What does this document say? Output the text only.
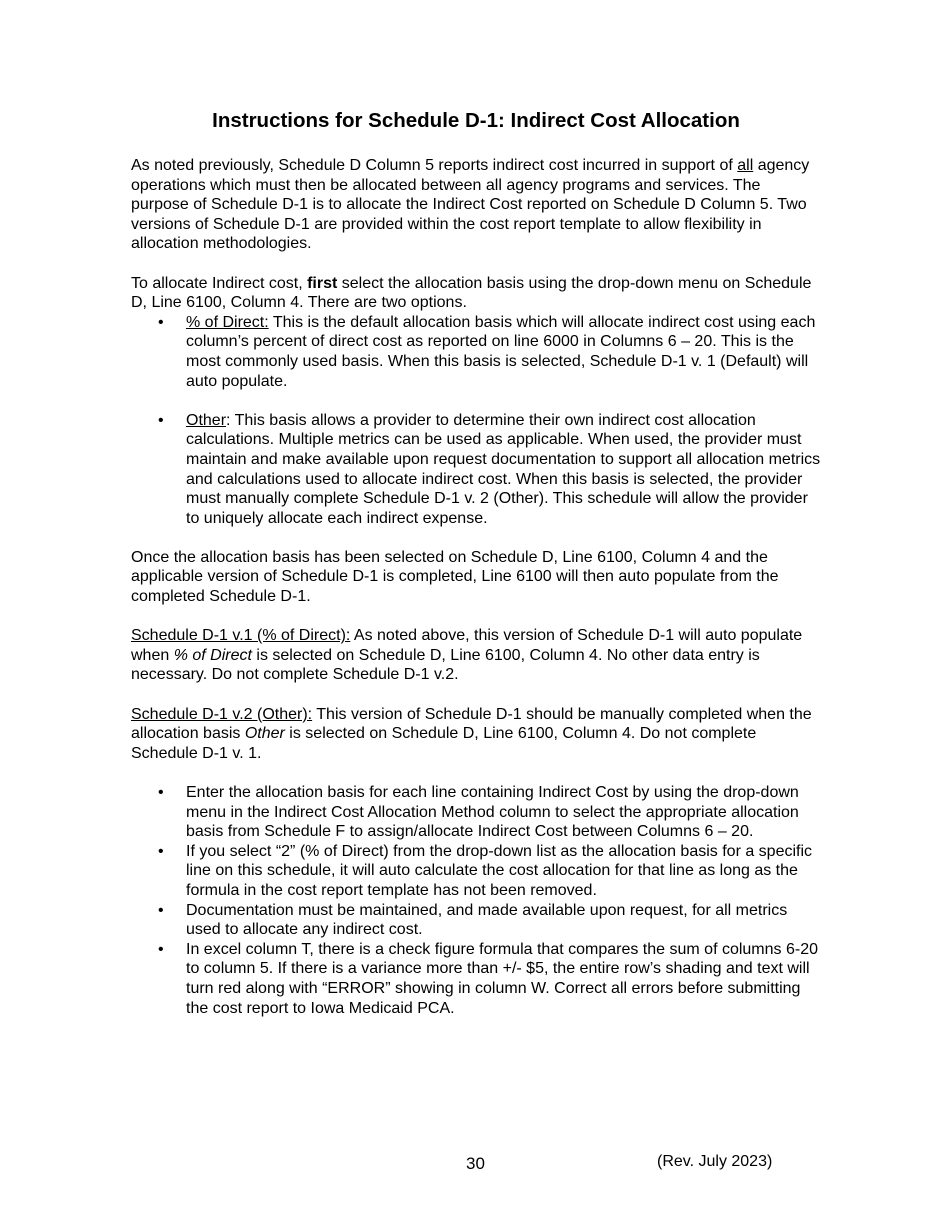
Instructions for Schedule D-1: Indirect Cost Allocation

As noted previously, Schedule D Column 5 reports indirect cost incurred in support of all agency operations which must then be allocated between all agency programs and services. The purpose of Schedule D-1 is to allocate the Indirect Cost reported on Schedule D Column 5. Two versions of Schedule D-1 are provided within the cost report template to allow flexibility in allocation methodologies.

To allocate Indirect cost, first select the allocation basis using the drop-down menu on Schedule D, Line 6100, Column 4. There are two options.

• % of Direct: This is the default allocation basis which will allocate indirect cost using each column’s percent of direct cost as reported on line 6000 in Columns 6 – 20. This is the most commonly used basis. When this basis is selected, Schedule D-1 v. 1 (Default) will auto populate.
• Other: This basis allows a provider to determine their own indirect cost allocation calculations. Multiple metrics can be used as applicable. When used, the provider must maintain and make available upon request documentation to support all allocation metrics and calculations used to allocate indirect cost. When this basis is selected, the provider must manually complete Schedule D-1 v. 2 (Other). This schedule will allow the provider to uniquely allocate each indirect expense.

Once the allocation basis has been selected on Schedule D, Line 6100, Column 4 and the applicable version of Schedule D-1 is completed, Line 6100 will then auto populate from the completed Schedule D-1.

Schedule D-1 v.1 (% of Direct): As noted above, this version of Schedule D-1 will auto populate when % of Direct is selected on Schedule D, Line 6100, Column 4. No other data entry is necessary. Do not complete Schedule D-1 v.2.

Schedule D-1 v.2 (Other): This version of Schedule D-1 should be manually completed when the allocation basis Other is selected on Schedule D, Line 6100, Column 4. Do not complete Schedule D-1 v. 1.

• Enter the allocation basis for each line containing Indirect Cost by using the drop-down menu in the Indirect Cost Allocation Method column to select the appropriate allocation basis from Schedule F to assign/allocate Indirect Cost between Columns 6 – 20.
• If you select “2” (% of Direct) from the drop-down list as the allocation basis for a specific line on this schedule, it will auto calculate the cost allocation for that line as long as the formula in the cost report template has not been removed.
• Documentation must be maintained, and made available upon request, for all metrics used to allocate any indirect cost.
• In excel column T, there is a check figure formula that compares the sum of columns 6-20 to column 5. If there is a variance more than +/- $5, the entire row’s shading and text will turn red along with “ERROR” showing in column W. Correct all errors before submitting the cost report to Iowa Medicaid PCA.
30	(Rev. July 2023)
